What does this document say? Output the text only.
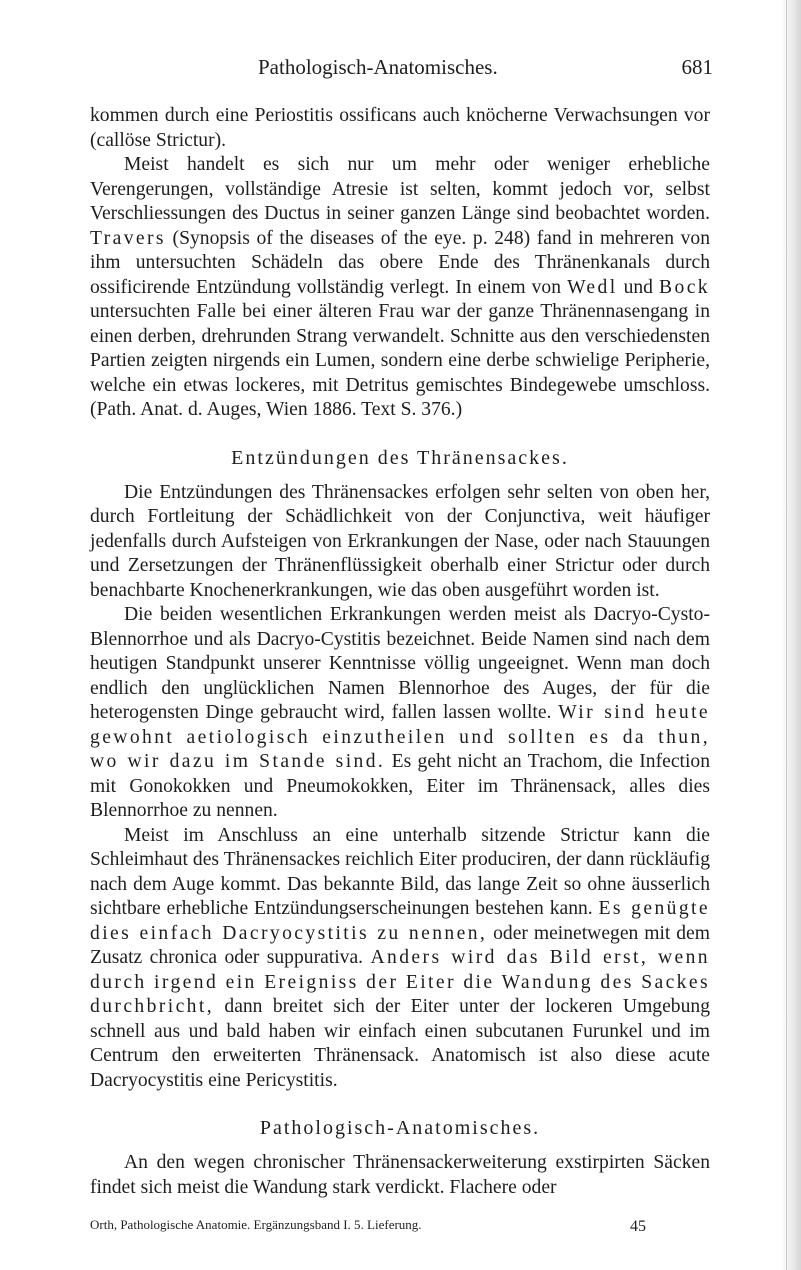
Pathologisch-Anatomisches.	681

kommen durch eine Periostitis ossificans auch knöcherne Verwachsungen vor (callöse Strictur).

Meist handelt es sich nur um mehr oder weniger erhebliche Verengerungen, vollständige Atresie ist selten, kommt jedoch vor, selbst Verschliessungen des Ductus in seiner ganzen Länge sind beobachtet worden. Travers (Synopsis of the diseases of the eye. p. 248) fand in mehreren von ihm untersuchten Schädeln das obere Ende des Thränenkanals durch ossificirende Entzündung vollständig verlegt. In einem von Wedl und Bock untersuchten Falle bei einer älteren Frau war der ganze Thränennasengang in einen derben, drehrunden Strang verwandelt. Schnitte aus den verschiedensten Partien zeigten nirgends ein Lumen, sondern eine derbe schwielige Peripherie, welche ein etwas lockeres, mit Detritus gemischtes Bindegewebe umschloss. (Path. Anat. d. Auges, Wien 1886. Text S. 376.)

Entzündungen des Thränensackes.

Die Entzündungen des Thränensackes erfolgen sehr selten von oben her, durch Fortleitung der Schädlichkeit von der Conjunctiva, weit häufiger jedenfalls durch Aufsteigen von Erkrankungen der Nase, oder nach Stauungen und Zersetzungen der Thränenflüssigkeit oberhalb einer Strictur oder durch benachbarte Knochenerkrankungen, wie das oben ausgeführt worden ist.

Die beiden wesentlichen Erkrankungen werden meist als Dacryo-Cysto-Blennorrhoe und als Dacryo-Cystitis bezeichnet. Beide Namen sind nach dem heutigen Standpunkt unserer Kenntnisse völlig ungeeignet. Wenn man doch endlich den unglücklichen Namen Blennorhoe des Auges, der für die heterogensten Dinge gebraucht wird, fallen lassen wollte. Wir sind heute gewohnt aetiologisch einzutheilen und sollten es da thun, wo wir dazu im Stande sind. Es geht nicht an Trachom, die Infection mit Gonokokken und Pneumokokken, Eiter im Thränensack, alles dies Blennorrhoe zu nennen.

Meist im Anschluss an eine unterhalb sitzende Strictur kann die Schleimhaut des Thränensackes reichlich Eiter produciren, der dann rückläufig nach dem Auge kommt. Das bekannte Bild, das lange Zeit so ohne äusserlich sichtbare erhebliche Entzündungserscheinungen bestehen kann. Es genügte dies einfach Dacryocystitis zu nennen, oder meinetwegen mit dem Zusatz chronica oder suppurativa. Anders wird das Bild erst, wenn durch irgend ein Ereigniss der Eiter die Wandung des Sackes durchbricht, dann breitet sich der Eiter unter der lockeren Umgebung schnell aus und bald haben wir einfach einen subcutanen Furunkel und im Centrum den erweiterten Thränensack. Anatomisch ist also diese acute Dacryocystitis eine Pericystitis.

Pathologisch-Anatomisches.

An den wegen chronischer Thränensackerweiterung exstirpirten Säcken findet sich meist die Wandung stark verdickt. Flachere oder

Orth, Pathologische Anatomie. Ergänzungsband I. 5. Lieferung.	45
